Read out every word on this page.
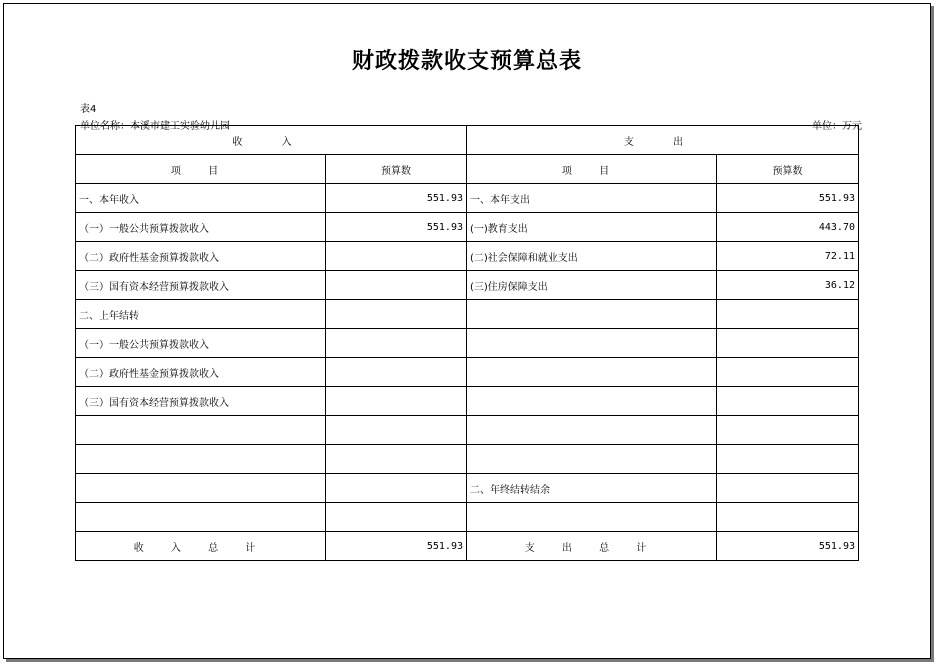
财政拨款收支预算总表
表4
单位名称：本溪市建工实验幼儿园	单位：万元
收 入		支 出	
项 目	预算数	项 目	预算数
一、本年收入	551.93	一、本年支出	551.93
（一）一般公共预算拨款收入	551.93	(一)教育支出	443.70
（二）政府性基金预算拨款收入		(二)社会保障和就业支出	72.11
（三）国有资本经营预算拨款收入		(三)住房保障支出	36.12
二、上年结转			
（一）一般公共预算拨款收入			
（二）政府性基金预算拨款收入			
（三）国有资本经营预算拨款收入			

		二、年终结转结余	

收 入 总 计	551.93	支 出 总 计	551.93
